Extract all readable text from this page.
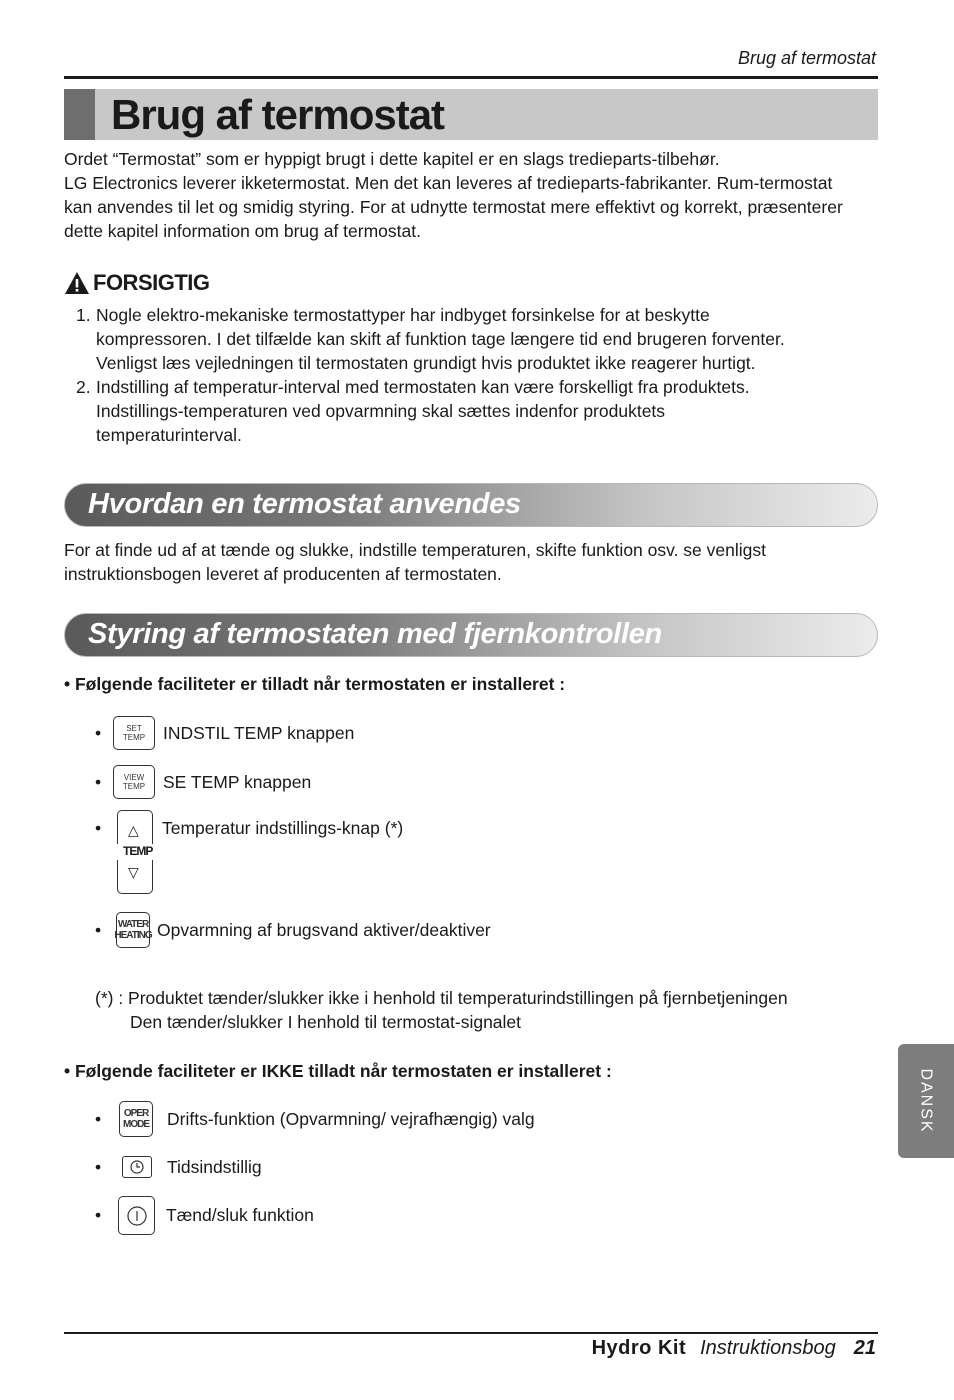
Brug af termostat
Brug af termostat
Ordet “Termostat” som er hyppigt brugt i dette kapitel er en slags tredieparts-tilbehør.
LG Electronics leverer ikketermostat. Men det kan leveres af tredieparts-fabrikanter. Rum-termostat
kan anvendes til let og smidig styring. For at udnytte termostat mere effektivt og korrekt, præsenterer
dette kapitel information om brug af termostat.
FORSIGTIG
1. Nogle elektro-mekaniske termostattyper har indbyget forsinkelse for at beskytte
kompressoren. I det tilfælde kan skift af funktion tage længere tid end brugeren forventer.
Venligst læs vejledningen til termostaten grundigt hvis produktet ikke reagerer hurtigt.
2. Indstilling af temperatur-interval med termostaten kan være forskelligt fra produktets.
Indstillings-temperaturen ved opvarmning skal sættes indenfor produktets
temperaturinterval.
Hvordan en termostat anvendes
For at finde ud af at tænde og slukke, indstille temperaturen, skifte funktion osv. se venligst
instruktionsbogen leveret af producenten af termostaten.
Styring af termostaten med fjernkontrollen
• Følgende faciliteter er tilladt når termostaten er installeret :
•	SET
TEMP INDSTIL TEMP knappen
•	VIEW
TEMP SE TEMP knappen
• △
TEMP
▽
Temperatur indstillings-knap (*)
•	WATER
HEATING Opvarmning af brugsvand aktiver/deaktiver
(*) : Produktet tænder/slukker ikke i henhold til temperaturindstillingen på fjernbetjeningen
Den tænder/slukker I henhold til termostat-signalet
• Følgende faciliteter er IKKE tilladt når termostaten er installeret :
•	OPER
MODE Drifts-funktion (Opvarmning/ vejrafhængig) valg
•	Tidsindstillig
•	Tænd/sluk funktion
DANSK
Hydro Kit Instruktionsbog 21
